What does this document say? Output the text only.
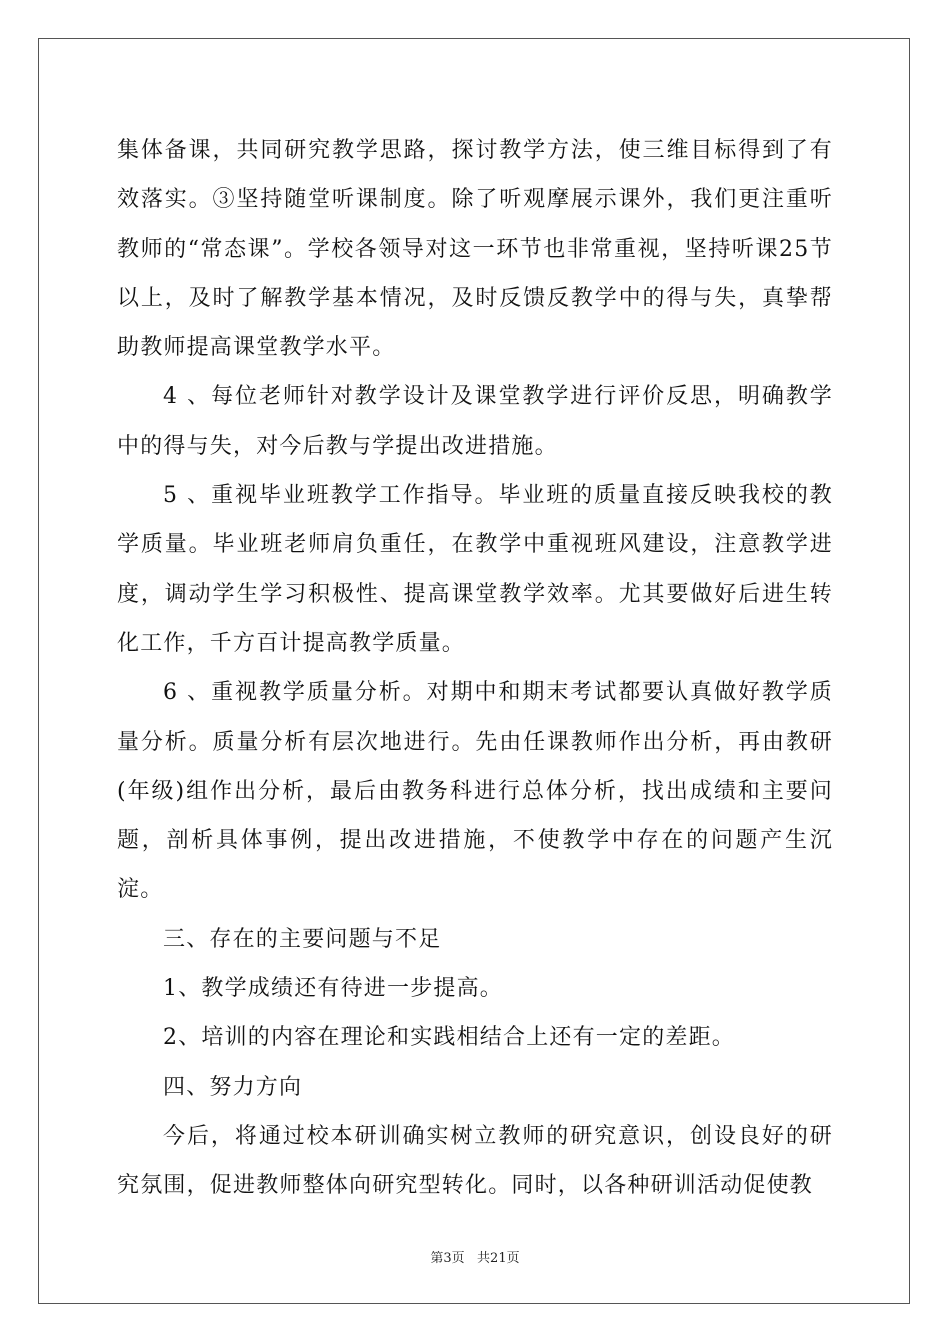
集体备课，共同研究教学思路，探讨教学方法，使三维目标得到了有效落实。③坚持随堂听课制度。除了听观摩展示课外，我们更注重听教师的“常态课”。学校各领导对这一环节也非常重视，坚持听课25节以上，及时了解教学基本情况，及时反馈反教学中的得与失，真挚帮助教师提高课堂教学水平。

4 、每位老师针对教学设计及课堂教学进行评价反思，明确教学中的得与失，对今后教与学提出改进措施。

5 、重视毕业班教学工作指导。毕业班的质量直接反映我校的教学质量。毕业班老师肩负重任，在教学中重视班风建设，注意教学进度，调动学生学习积极性、提高课堂教学效率。尤其要做好后进生转化工作，千方百计提高教学质量。

6 、重视教学质量分析。对期中和期末考试都要认真做好教学质量分析。质量分析有层次地进行。先由任课教师作出分析，再由教研(年级)组作出分析，最后由教务科进行总体分析，找出成绩和主要问题，剖析具体事例，提出改进措施，不使教学中存在的问题产生沉淀。

三、存在的主要问题与不足

1、教学成绩还有待进一步提高。

2、培训的内容在理论和实践相结合上还有一定的差距。

四、努力方向

今后，将通过校本研训确实树立教师的研究意识，创设良好的研究氛围，促进教师整体向研究型转化。同时，以各种研训活动促使教

第3页   共21页
